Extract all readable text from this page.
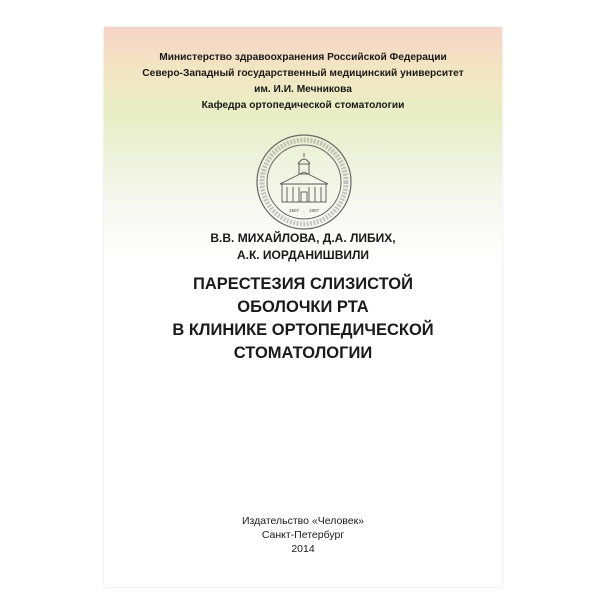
Министерство здравоохранения Российской Федерации
Северо-Западный государственный медицинский университет
им. И.И. Мечникова
Кафедра ортопедической стоматологии
1907 1907
В.В. МИХАЙЛОВА, Д.А. ЛИБИХ,
А.К. ИОРДАНИШВИЛИ
ПАРЕСТЕЗИЯ СЛИЗИСТОЙ
ОБОЛОЧКИ РТА
В КЛИНИКЕ ОРТОПЕДИЧЕСКОЙ
СТОМАТОЛОГИИ
Издательство «Человек»
Санкт-Петербург
2014
